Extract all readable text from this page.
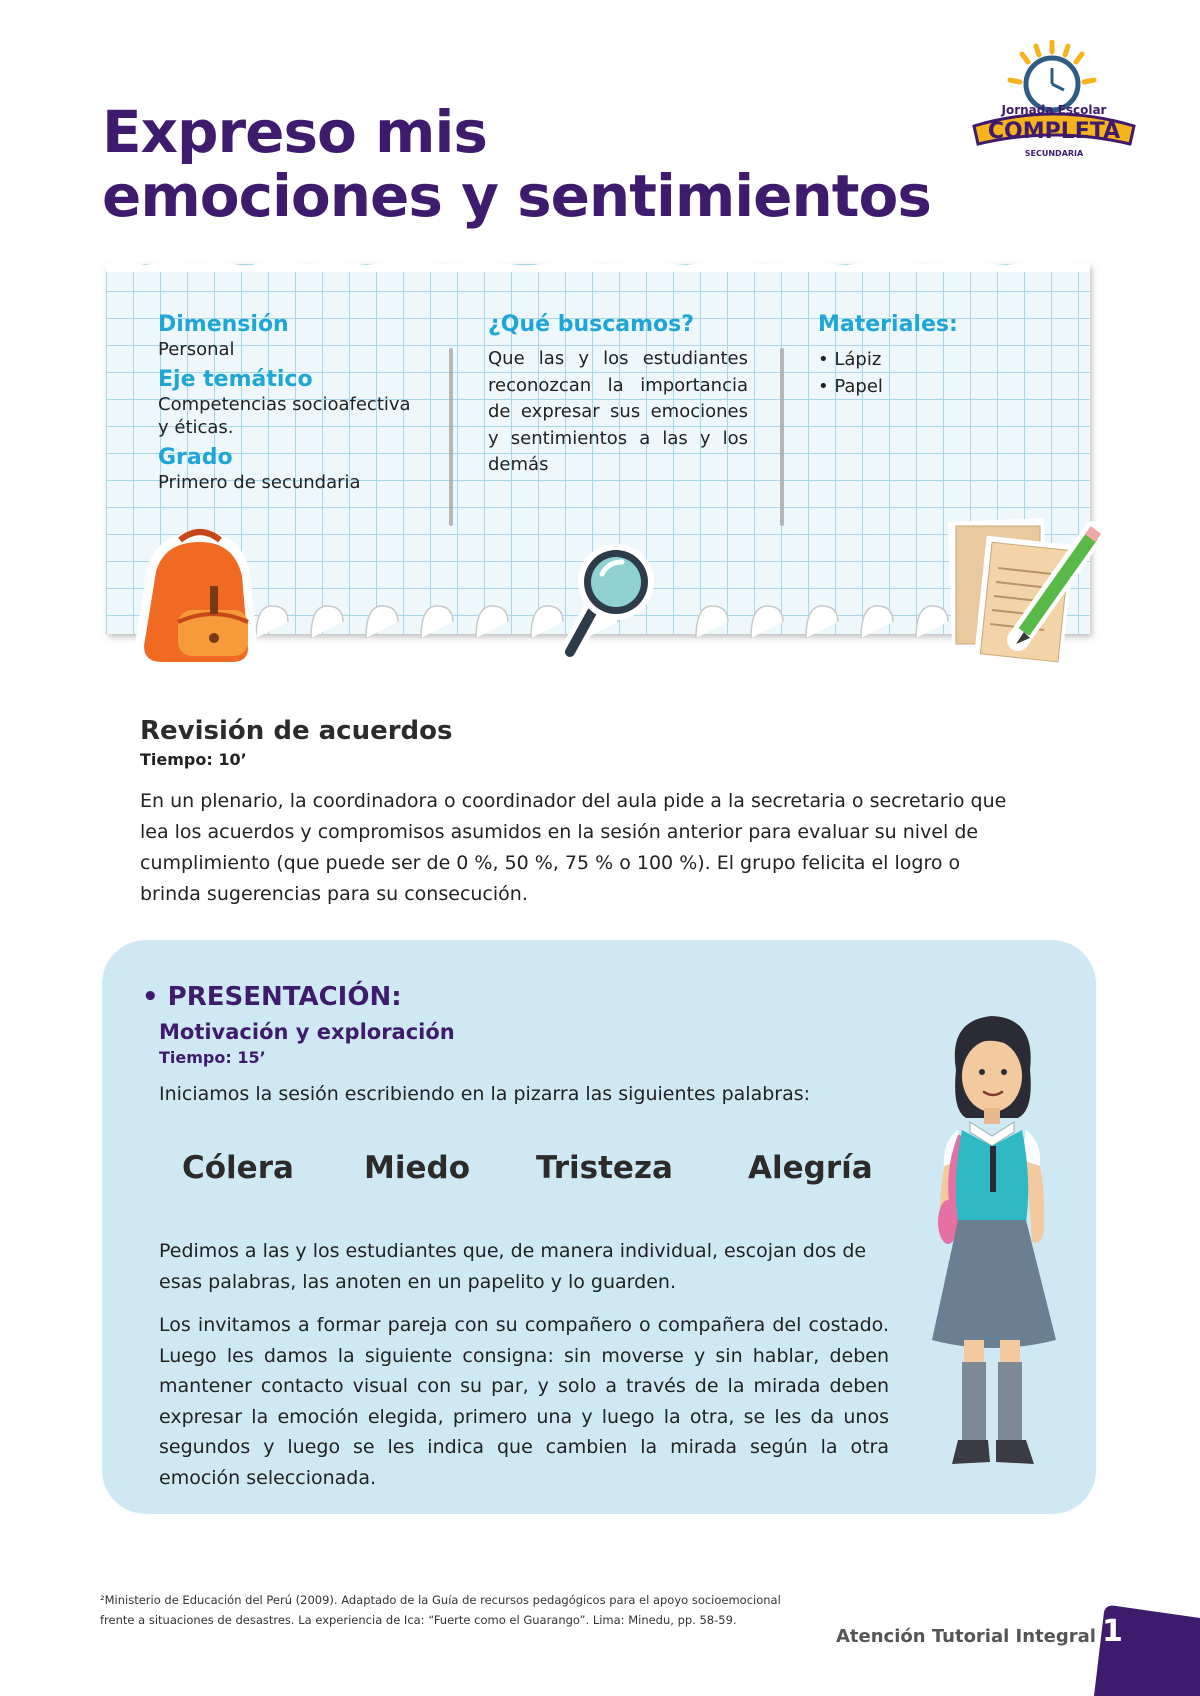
Expreso mis
emociones y sentimientos
Jornada Escolar
COMPLETA
SECUNDARIA

Dimensión

Personal

Eje temático

Competencias socioafectiva y éticas.

Grado

Primero de secundaria

¿Qué buscamos?

Que las y los estudiantes reconozcan la importancia de expresar sus emociones y sentimientos a las y los demás

Materiales:

• Lápiz
• Papel
Revisión de acuerdos
Tiempo: 10’

En un plenario, la coordinadora o coordinador del aula pide a la secretaria o secretario que lea los acuerdos y compromisos asumidos en la sesión anterior para evaluar su nivel de cumplimiento (que puede ser de 0 %, 50 %, 75 % o 100 %). El grupo felicita el logro o brinda sugerencias para su consecución.

• PRESENTACIÓN:
Motivación y exploración
Tiempo: 15’

Iniciamos la sesión escribiendo en la pizarra las siguientes palabras:

Cólera Miedo Tristeza Alegría

Pedimos a las y los estudiantes que, de manera individual, escojan dos de esas palabras, las anoten en un papelito y lo guarden.

Los invitamos a formar pareja con su compañero o compañera del costado. Luego les damos la siguiente consigna: sin moverse y sin hablar, deben mantener contacto visual con su par, y solo a través de la mirada deben expresar la emoción elegida, primero una y luego la otra, se les da unos segundos y luego se les indica que cambien la mirada según la otra emoción seleccionada.

²Ministerio de Educación del Perú (2009). Adaptado de la Guía de recursos pedagógicos para el apoyo socioemocional
frente a situaciones de desastres. La experiencia de Ica: “Fuerte como el Guarango”. Lima: Minedu, pp. 58-59.

Atención Tutorial Integral 1
